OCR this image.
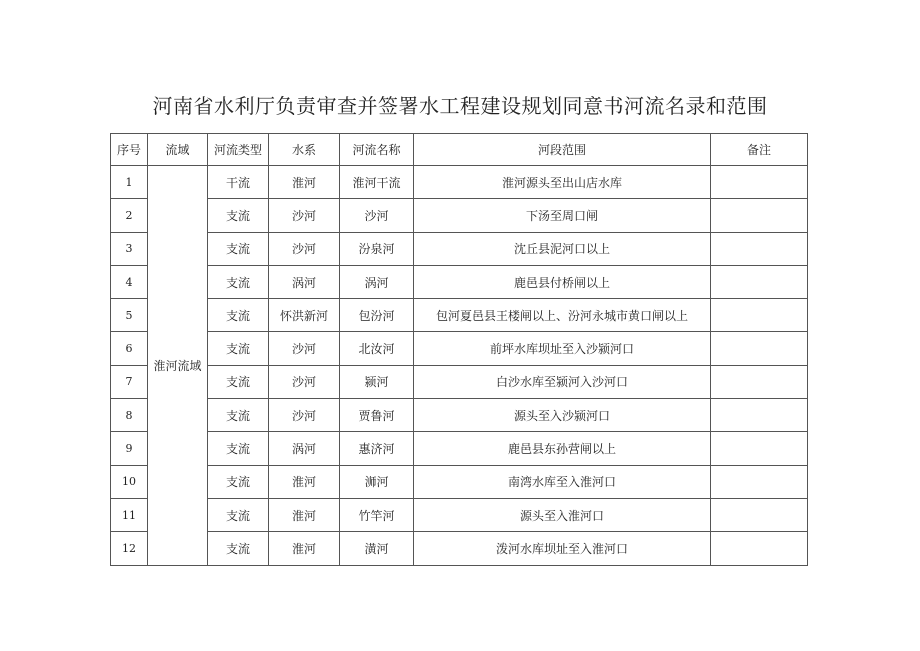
河南省水利厅负责审查并签署水工程建设规划同意书河流名录和范围
序号	流域	河流类型	水系	河流名称	河段范围	备注
1	淮河流域	干流	淮河	淮河干流	淮河源头至出山店水库	
2		支流	沙河	沙河	下汤至周口闸	
3		支流	沙河	汾泉河	沈丘县泥河口以上	
4		支流	涡河	涡河	鹿邑县付桥闸以上	
5		支流	怀洪新河	包汾河	包河夏邑县王楼闸以上、汾河永城市黄口闸以上	
6		支流	沙河	北汝河	前坪水库坝址至入沙颍河口	
7		支流	沙河	颍河	白沙水库至颍河入沙河口	
8		支流	沙河	贾鲁河	源头至入沙颍河口	
9		支流	涡河	惠济河	鹿邑县东孙营闸以上	
10		支流	淮河	浉河	南湾水库至入淮河口	
11		支流	淮河	竹竿河	源头至入淮河口	
12		支流	淮河	潢河	泼河水库坝址至入淮河口	
